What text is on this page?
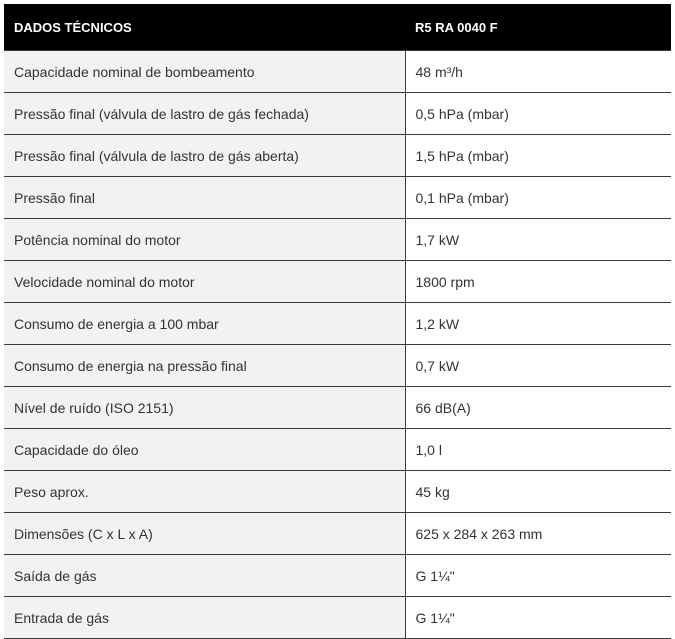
DADOS TÉCNICOS	R5 RA 0040 F
Capacidade nominal de bombeamento	48 m³/h
Pressão final (válvula de lastro de gás fechada)	0,5 hPa (mbar)
Pressão final (válvula de lastro de gás aberta)	1,5 hPa (mbar)
Pressão final	0,1 hPa (mbar)
Potência nominal do motor	1,7 kW
Velocidade nominal do motor	1800 rpm
Consumo de energia a 100 mbar	1,2 kW
Consumo de energia na pressão final	0,7 kW
Nível de ruído (ISO 2151)	66 dB(A)
Capacidade do óleo	1,0 l
Peso aprox.	45 kg
Dimensões (C x L x A)	625 x 284 x 263 mm
Saída de gás	G 1¼"
Entrada de gás	G 1¼"
